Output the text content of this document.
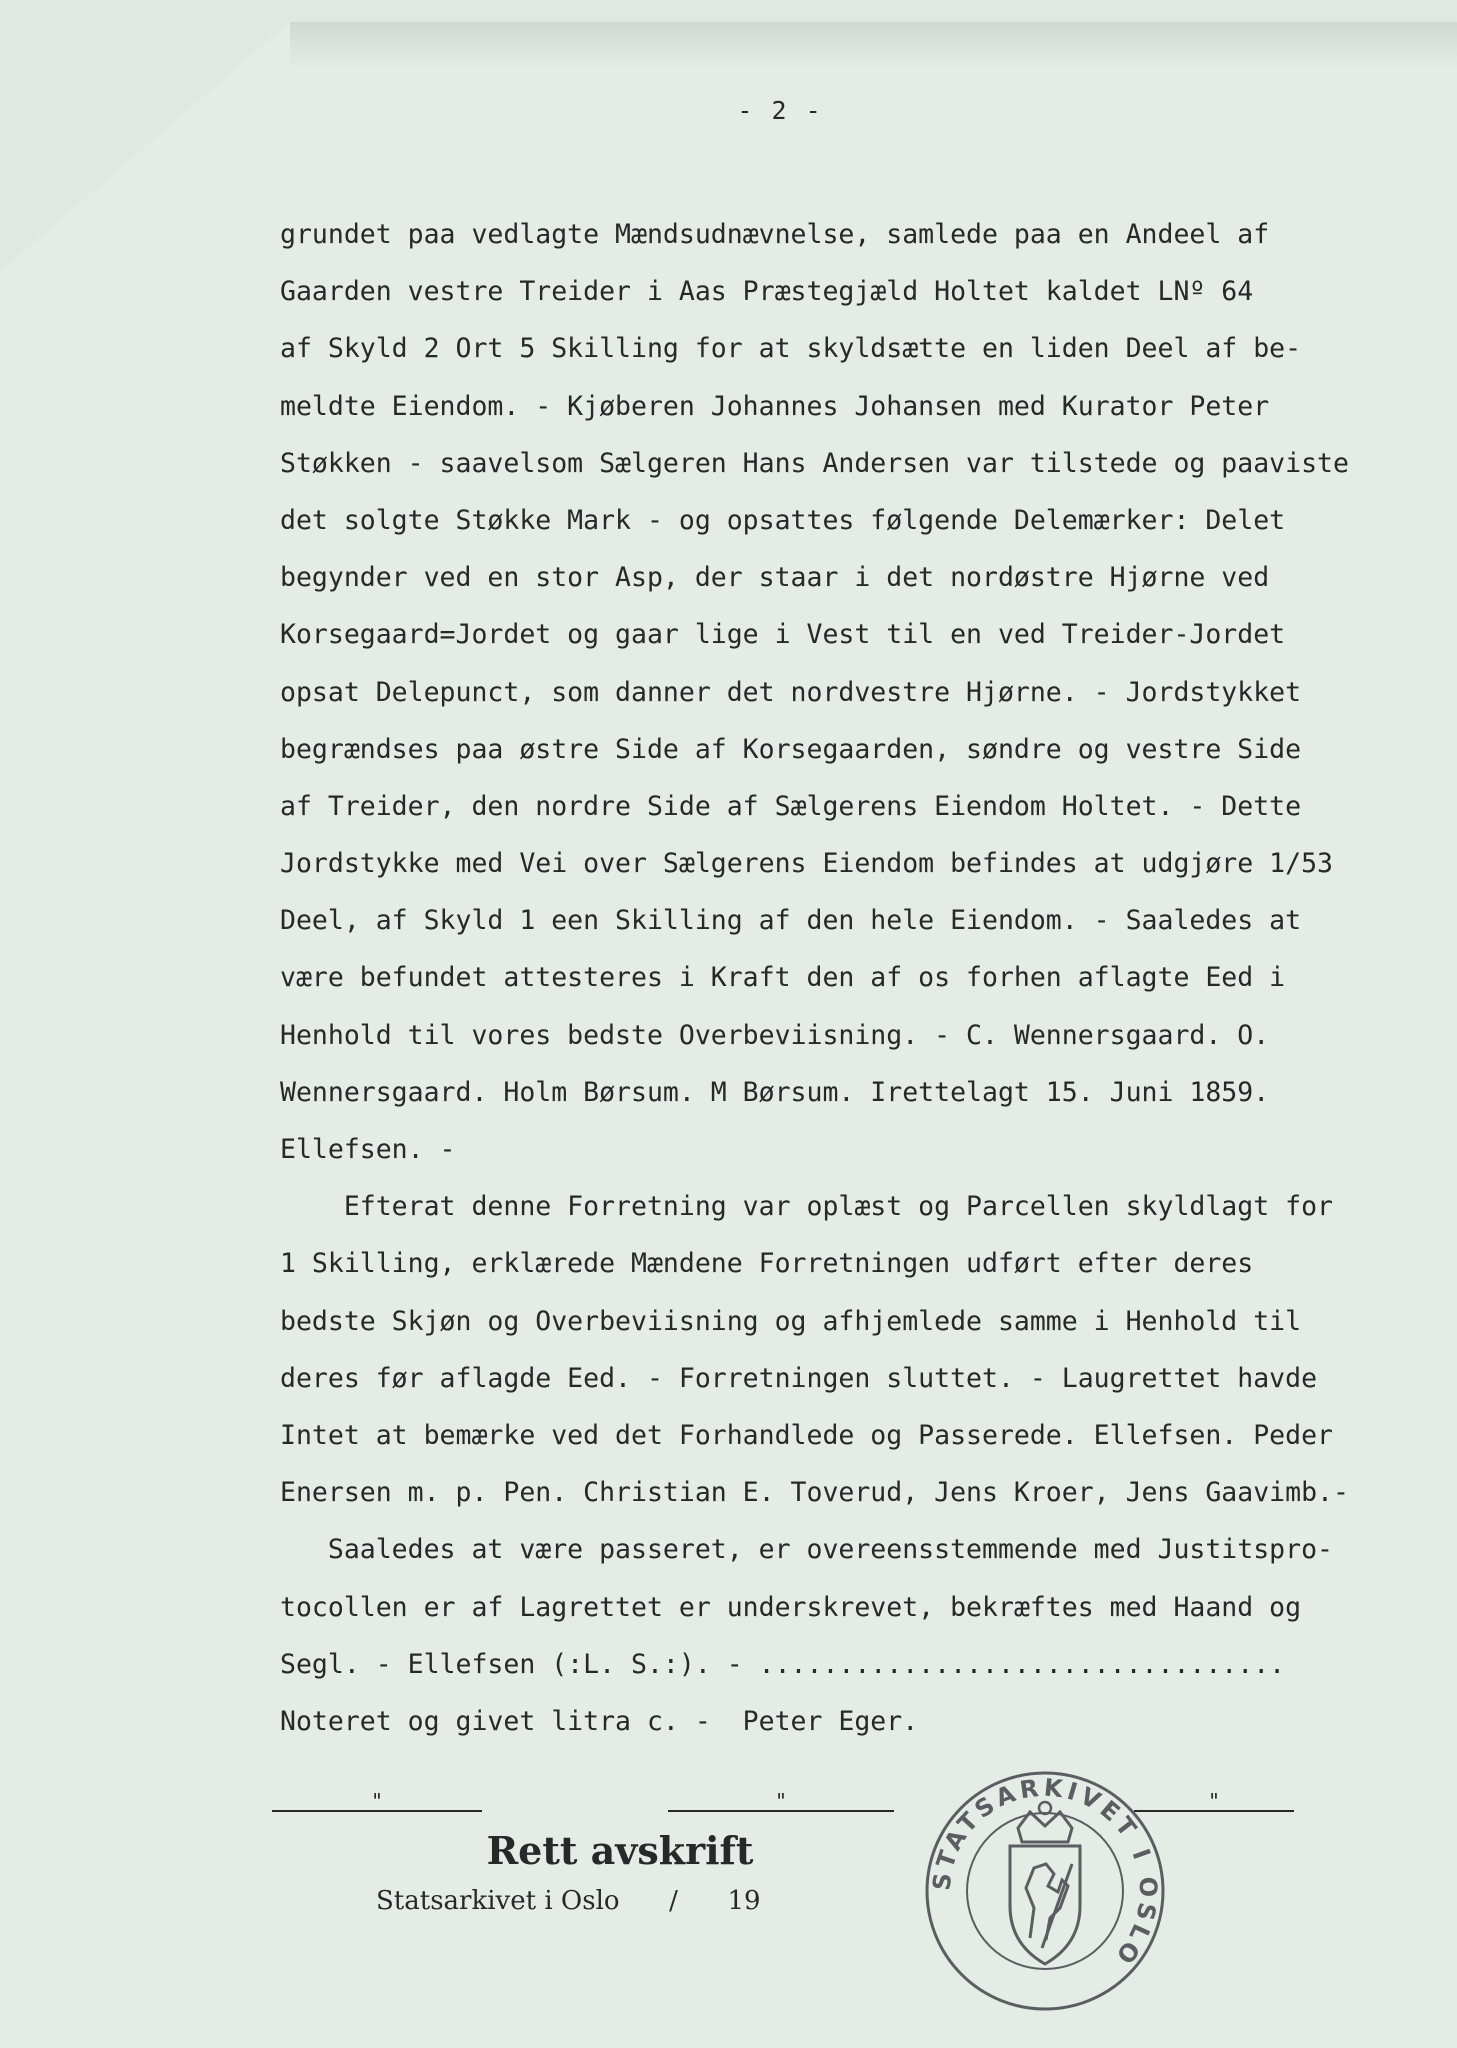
- 2 -
grundet paa vedlagte Mændsudnævnelse, samlede paa en Andeel af
Gaarden vestre Treider i Aas Præstegjæld Holtet kaldet LNº 64
af Skyld 2 Ort 5 Skilling for at skyldsætte en liden Deel af be-
meldte Eiendom. - Kjøberen Johannes Johansen med Kurator Peter
Støkken - saavelsom Sælgeren Hans Andersen var tilstede og paaviste
det solgte Støkke Mark - og opsattes følgende Delemærker: Delet
begynder ved en stor Asp, der staar i det nordøstre Hjørne ved
Korsegaard=Jordet og gaar lige i Vest til en ved Treider-Jordet
opsat Delepunct, som danner det nordvestre Hjørne. - Jordstykket
begrændses paa østre Side af Korsegaarden, søndre og vestre Side
af Treider, den nordre Side af Sælgerens Eiendom Holtet. - Dette
Jordstykke med Vei over Sælgerens Eiendom befindes at udgjøre 1/53
Deel, af Skyld 1 een Skilling af den hele Eiendom. - Saaledes at
være befundet attesteres i Kraft den af os forhen aflagte Eed i
Henhold til vores bedste Overbeviisning. - C. Wennersgaard. O.
Wennersgaard. Holm Børsum. M Børsum. Irettelagt 15. Juni 1859.
Ellefsen. -
Efterat denne Forretning var oplæst og Parcellen skyldlagt for
1 Skilling, erklærede Mændene Forretningen udført efter deres
bedste Skjøn og Overbeviisning og afhjemlede samme i Henhold til
deres før aflagde Eed. - Forretningen sluttet. - Laugrettet havde
Intet at bemærke ved det Forhandlede og Passerede. Ellefsen. Peder
Enersen m. p. Pen. Christian E. Toverud, Jens Kroer, Jens Gaavimb.-
Saaledes at være passeret, er overeensstemmende med Justitspro-
tocollen er af Lagrettet er underskrevet, bekræftes med Haand og
Segl. - Ellefsen (:L. S.:). - .................................
Noteret og givet litra c. -  Peter Eger.
"	"	"
Rett avskrift
Statsarkivet i Oslo      /      19
STATSARKIVET I OSLO
